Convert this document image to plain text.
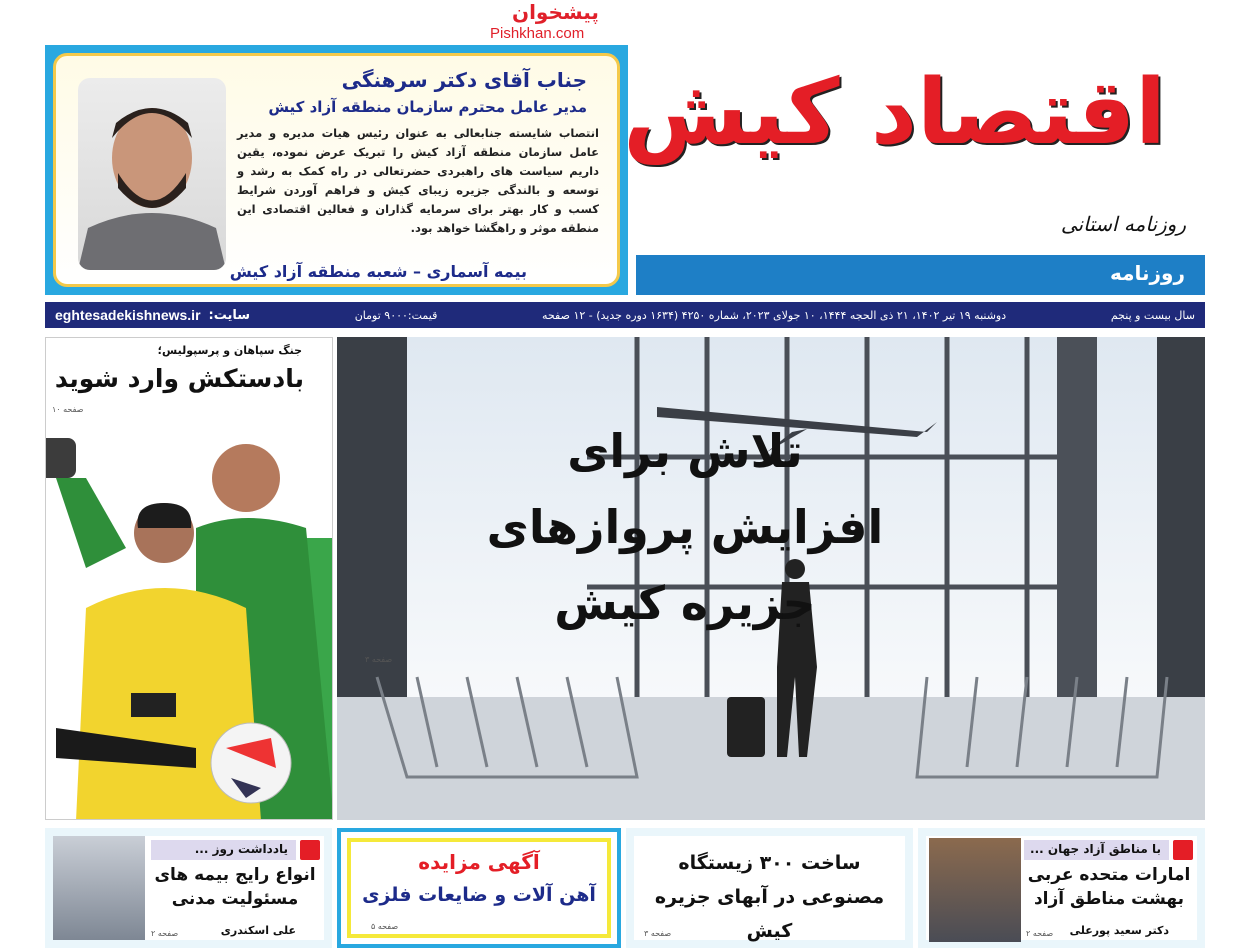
جناب آقای دکتر سرهنگی
مدیر عامل محترم سازمان منطقه آزاد کیش
انتصاب شایسته جنابعالی به عنوان رئیس هیات مدیره و مدیر عامل سازمان منطقه آزاد کیش را تبریک عرض نموده، یقین داریم سیاست های راهبردی حضرتعالی در راه کمک به رشد و توسعه و بالندگی جزیره زیبای کیش و فراهم آوردن شرایط کسب و کار بهتر برای سرمایه گذاران و فعالین اقتصادی این منطقه موثر و راهگشا خواهد بود.
بیمه آسماری – شعبه منطقه آزاد کیش
پیشخوان
Pishkhan.com
اقتصاد کیش
روزنامه استانی
روزنامه
سال بیست و پنجم
دوشنبه ۱۹ تیر ۱۴۰۲، ۲۱ ذی الحجه ۱۴۴۴، ۱۰ جولای ۲۰۲۳، شماره ۴۲۵۰ (۱۶۳۴ دوره جدید) - ۱۲ صفحه
قیمت:۹۰۰۰ تومان
سایت:
eghtesadekishnews.ir
جنگ سپاهان و پرسپولیس؛
بادستکش وارد شوید
صفحه ۱۰
تلاش برای
افزایش پروازهای
جزیره کیش
صفحه ۳
یادداشت روز ...
انواع رایج بیمه های مسئولیت مدنی
علی اسکندری
صفحه ۲
آگهی مزایده
آهن آلات و ضایعات فلزی
صفحه ۵
ساخت ۳۰۰ زیستگاه مصنوعی در آبهای جزیره کیش
صفحه ۳
با مناطق آزاد جهان ...
امارات متحده عربی بهشت مناطق آزاد
دکتر سعید پورعلی
صفحه ۲
